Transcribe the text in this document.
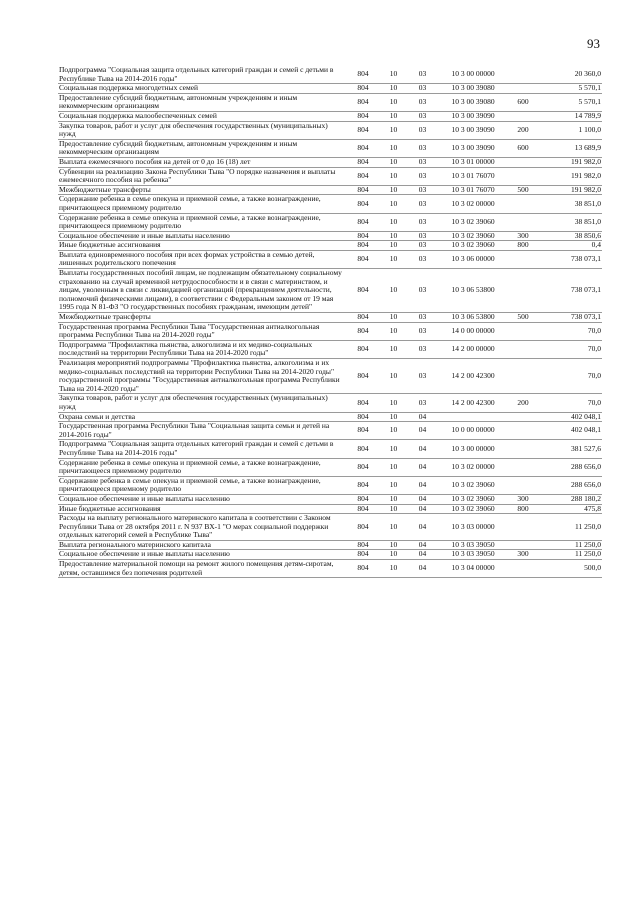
93
Подпрограмма "Социальная защита отдельных категорий граждан и семей с детьми в Республике Тыва на 2014-2016 годы"	804	10	03	10 3 00 00000		20 360,0
Социальная поддержка многодетных семей	804	10	03	10 3 00 39080		5 570,1
Предоставление субсидий бюджетным, автономным учреждениям и иным некоммерческим организациям	804	10	03	10 3 00 39080	600	5 570,1
Социальная поддержка малообеспеченных семей	804	10	03	10 3 00 39090		14 789,9
Закупка товаров, работ и услуг для обеспечения государственных (муниципальных) нужд	804	10	03	10 3 00 39090	200	1 100,0
Предоставление субсидий бюджетным, автономным учреждениям и иным некоммерческим организациям	804	10	03	10 3 00 39090	600	13 689,9
Выплата ежемесячного пособия на детей от 0 до 16 (18) лет	804	10	03	10 3 01 00000		191 982,0
Субвенции на реализацию Закона Республики Тыва "О порядке назначения и выплаты ежемесячного пособия на ребенка"	804	10	03	10 3 01 76070		191 982,0
Межбюджетные трансферты	804	10	03	10 3 01 76070	500	191 982,0
Содержание ребенка в семье опекуна и приемной семье, а также вознаграждение, причитающееся приемному родителю	804	10	03	10 3 02 00000		38 851,0
Содержание ребенка в семье опекуна и приемной семье, а также вознаграждение, причитающееся приемному родителю	804	10	03	10 3 02 39060		38 851,0
Социальное обеспечение и иные выплаты населению	804	10	03	10 3 02 39060	300	38 850,6
Иные бюджетные ассигнования	804	10	03	10 3 02 39060	800	0,4
Выплата единовременного пособия при всех формах устройства в семью детей, лишенных родительского попечения	804	10	03	10 3 06 00000		738 073,1
Выплаты государственных пособий лицам, не подлежащим обязательному социальному страхованию на случай временной нетрудоспособности и в связи с материнством, и лицам, уволенным в связи с ликвидацией организаций (прекращением деятельности, полномочий физическими лицами), в соответствии с Федеральным законом от 19 мая 1995 года N 81-ФЗ "О государственных пособиях гражданам, имеющим детей"	804	10	03	10 3 06 53800		738 073,1
Межбюджетные трансферты	804	10	03	10 3 06 53800	500	738 073,1
Государственная программа Республики Тыва "Государственная антиалкогольная программа Республики Тыва на 2014-2020 годы"	804	10	03	14 0 00 00000		70,0
Подпрограмма "Профилактика пьянства, алкоголизма и их медико-социальных последствий на территории Республики Тыва на 2014-2020 годы"	804	10	03	14 2 00 00000		70,0
Реализация мероприятий подпрограммы "Профилактика пьянства, алкоголизма и их медико-социальных последствий на территории Республики Тыва на 2014-2020 годы" государственной программы "Государственная антиалкогольная программа Республики Тыва на 2014-2020 годы"	804	10	03	14 2 00 42300		70,0
Закупка товаров, работ и услуг для обеспечения государственных (муниципальных) нужд	804	10	03	14 2 00 42300	200	70,0
Охрана семьи и детства	804	10	04			402 048,1
Государственная программа Республики Тыва "Социальная защита семьи и детей на 2014-2016 годы"	804	10	04	10 0 00 00000		402 048,1
Подпрограмма "Социальная защита отдельных категорий граждан и семей с детьми в Республике Тыва на 2014-2016 годы"	804	10	04	10 3 00 00000		381 527,6
Содержание ребенка в семье опекуна и приемной семье, а также вознаграждение, причитающееся приемному родителю	804	10	04	10 3 02 00000		288 656,0
Содержание ребенка в семье опекуна и приемной семье, а также вознаграждение, причитающееся приемному родителю	804	10	04	10 3 02 39060		288 656,0
Социальное обеспечение и иные выплаты населению	804	10	04	10 3 02 39060	300	288 180,2
Иные бюджетные ассигнования	804	10	04	10 3 02 39060	800	475,8
Расходы на выплату регионального материнского капитала в соответствии с Законом Республики Тыва от 28 октября 2011 г. N 937 ВХ-1 "О мерах социальной поддержки отдельных категорий семей в Республике Тыва"	804	10	04	10 3 03 00000		11 250,0
Выплата регионального материнского капитала	804	10	04	10 3 03 39050		11 250,0
Социальное обеспечение и иные выплаты населению	804	10	04	10 3 03 39050	300	11 250,0
Предоставление материальной помощи на ремонт жилого помещения детям-сиротам, детям, оставшимся без попечения родителей	804	10	04	10 3 04 00000		500,0
